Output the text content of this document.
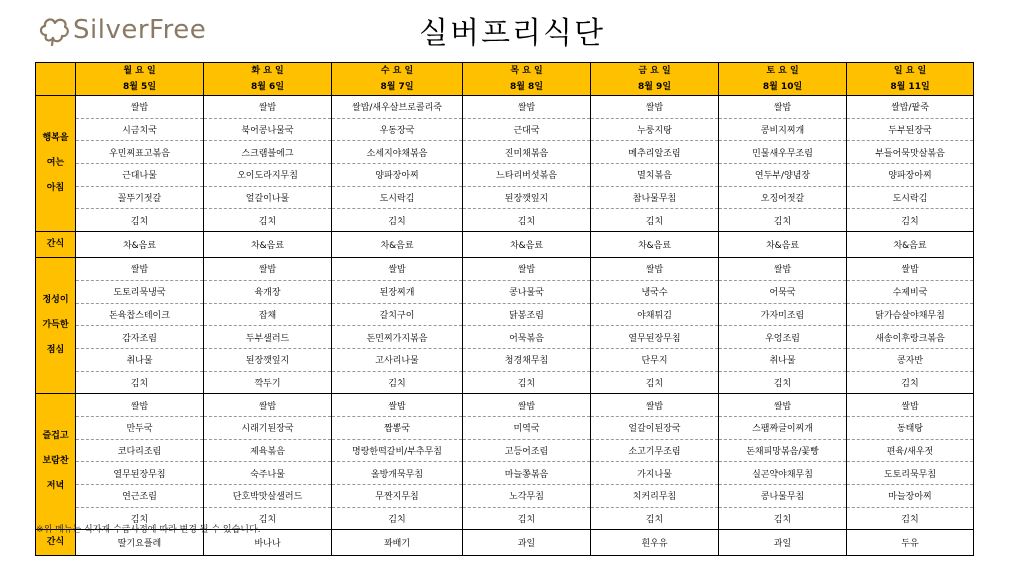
SilverFree	실버프리식단
	월 요 일	화 요 일	수 요 일	목 요 일	금 요 일	토 요 일	일 요 일
	8월 5일	8월 6일	8월 7일	8월 8일	8월 9일	8월 10일	8월 11일

행복을
여는
아침	쌀밥	쌀밥	쌀밥/새우살브로콜리죽	쌀밥	쌀밥	쌀밥	쌀밥/팥죽
	시금치국	북어콩나물국	우동장국	근대국	누룽지탕	콩비지찌개	두부된장국
	우민찌표고볶음	스크램블에그	소세지야채볶음	진미채볶음	메추리알조림	민물새우무조림	부들어묵맛살볶음
	근대나물	오이도라지무침	양파장아찌	느타리버섯볶음	멸치볶음	연두부/양념장	양파장아찌
	꼴뚜기젓갈	얼갈이나물	도시락김	된장깻잎지	참나물무침	오징어젓갈	도시락김
	김치	김치	김치	김치	김치	김치	김치
간식	차&음료	차&음료	차&음료	차&음료	차&음료	차&음료	차&음료

정성이
가득한
점심	쌀밥	쌀밥	쌀밥	쌀밥	쌀밥	쌀밥	쌀밥
	도토리묵냉국	육개장	된장찌개	콩나물국	냉국수	어묵국	수제비국
	돈육찹스테이크	잡채	갈치구이	닭봉조림	야채튀김	가자미조림	닭가슴살야채무침
	감자조림	두부샐러드	돈민찌가지볶음	어묵볶음	열무된장무침	우엉조림	새송이후랑크볶음
	취나물	된장깻잎지	고사리나물	청경채무침	단무지	취나물	콩자반
	김치	깍두기	김치	김치	김치	김치	김치

즐겁고
보람찬
저녁	쌀밥	쌀밥	쌀밥	쌀밥	쌀밥	쌀밥	쌀밥
	만두국	시래기된장국	짬뽕국	미역국	얼갈이된장국	스팸짜글이찌개	동태탕
	코다리조림	제육볶음	명랑한떡갈비/부추무침	고등어조림	소고기무조림	돈채피망볶음/꽃빵	편육/새우젓
	열무된장무침	숙주나물	올방개묵무침	마늘쫑볶음	가지나물	실곤약야채무침	도토리묵무침
	연근조림	단호박맛살샐러드	무짠지무침	노각무침	치커리무침	콩나물무침	마늘장아찌
	김치	김치	김치	김치	김치	김치	김치
간식	딸기요플레	바나나	꽈배기	과일	흰우유	과일	두유
※위 메뉴는 식자재 수급사정에 따라 변경 될 수 있습니다.
